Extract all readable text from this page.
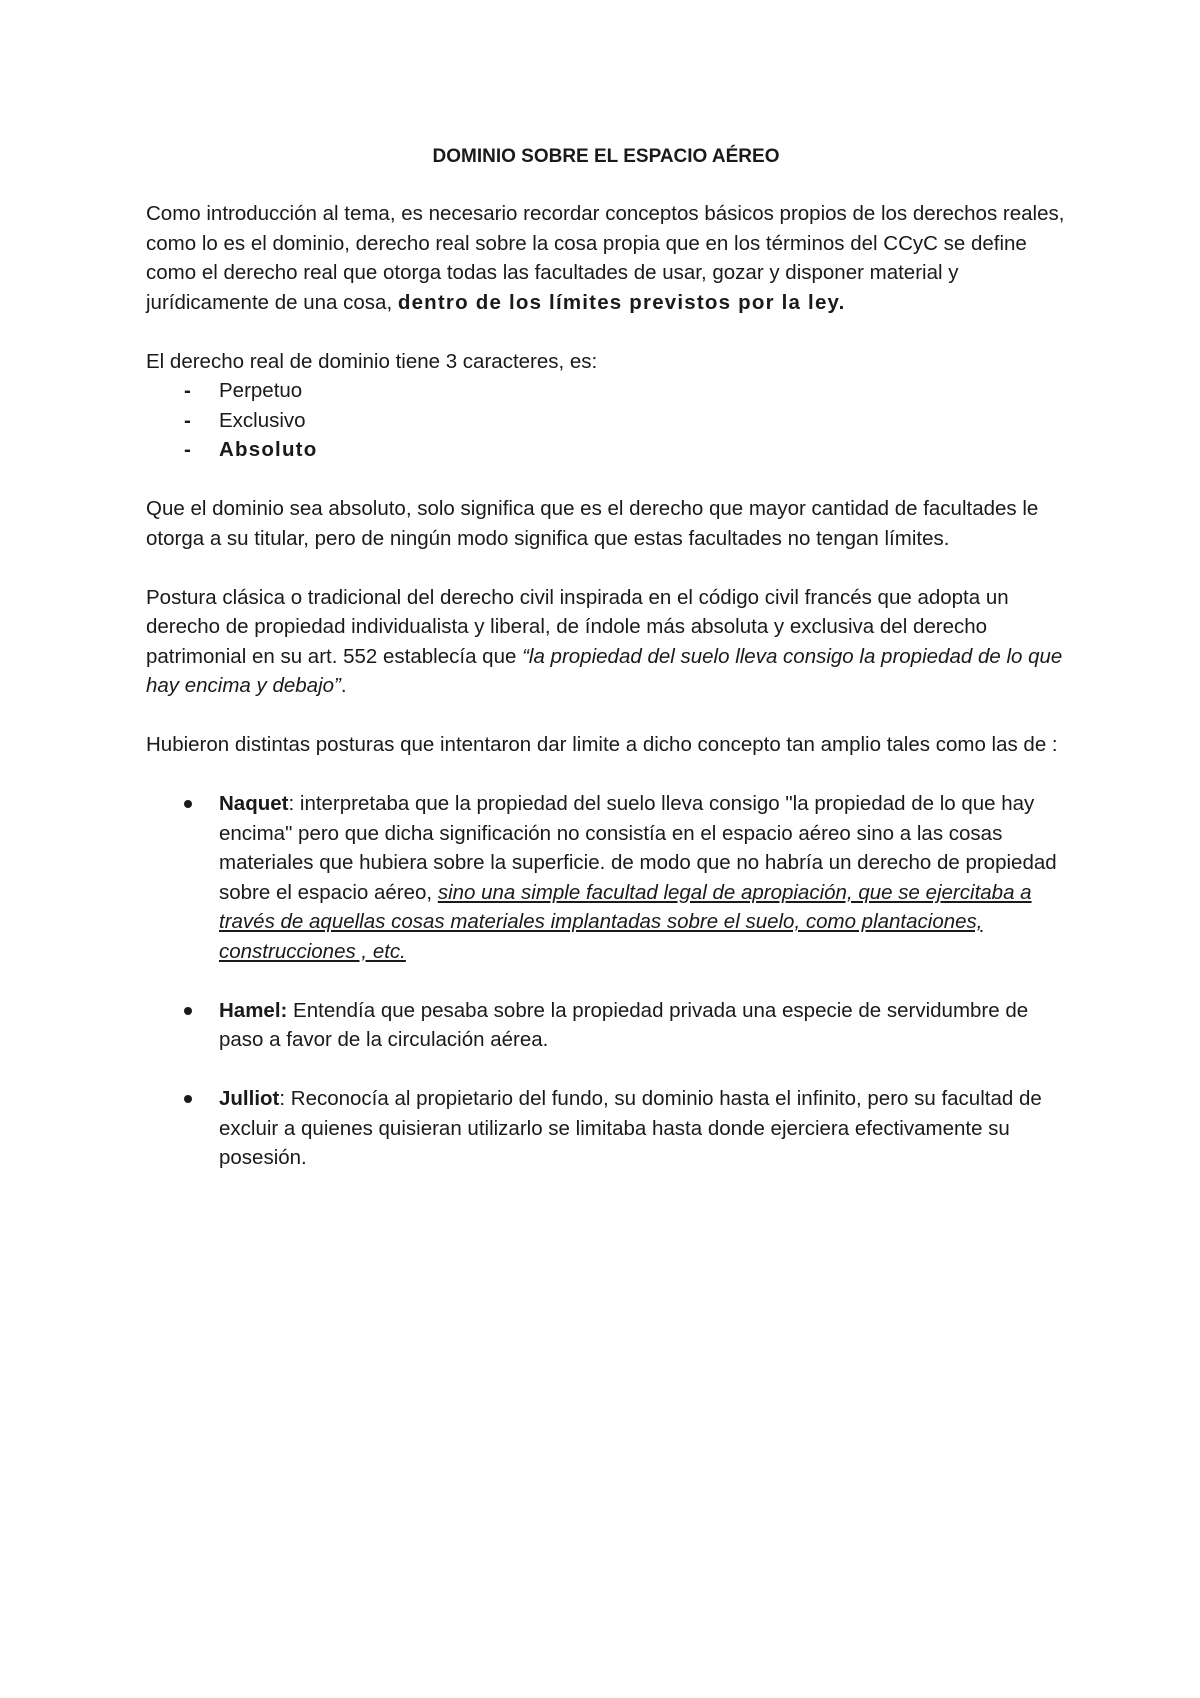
DOMINIO SOBRE EL ESPACIO AÉREO

Como introducción al tema, es necesario recordar conceptos básicos propios de los derechos reales, como lo es el dominio, derecho real sobre la cosa propia que en los términos del CCyC se define como el derecho real que otorga todas las facultades de usar, gozar y disponer material y jurídicamente de una cosa, dentro de los límites previstos por la ley.

El derecho real de dominio tiene 3 caracteres, es:

- Perpetuo
- Exclusivo
- Absoluto

Que el dominio sea absoluto, solo significa que es el derecho que mayor cantidad de facultades le otorga a su titular, pero de ningún modo significa que estas facultades no tengan límites.

Postura clásica o tradicional del derecho civil inspirada en el código civil francés que adopta un derecho de propiedad individualista y liberal, de índole más absoluta y exclusiva del derecho patrimonial en su art. 552 establecía que “la propiedad del suelo lleva consigo la propiedad de lo que hay encima y debajo”.

Hubieron distintas posturas que intentaron dar limite a dicho concepto tan amplio tales como las de :

Naquet: interpretaba que la propiedad del suelo lleva consigo "la propiedad de lo que hay encima" pero que dicha significación no consistía en el espacio aéreo sino a las cosas materiales que hubiera sobre la superficie. de modo que no habría un derecho de propiedad sobre el espacio aéreo, sino una simple facultad legal de apropiación, que se ejercitaba a través de aquellas cosas materiales implantadas sobre el suelo, como plantaciones, construcciones , etc.
Hamel: Entendía que pesaba sobre la propiedad privada una especie de servidumbre de paso a favor de la circulación aérea.
Julliot: Reconocía al propietario del fundo, su dominio hasta el infinito, pero su facultad de excluir a quienes quisieran utilizarlo se limitaba hasta donde ejerciera efectivamente su posesión.
